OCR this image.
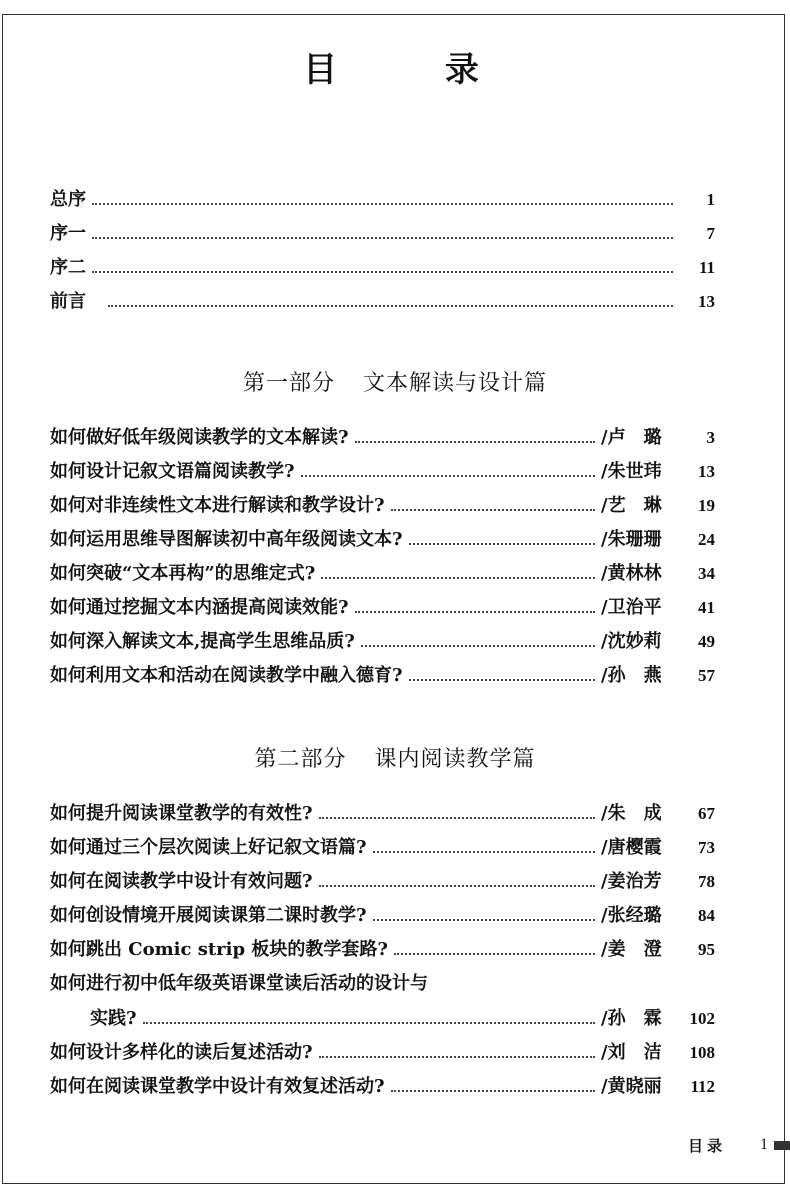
目 录
总序	1
序一	7
序二	11
前言	13
第一部分 文本解读与设计篇
如何做好低年级阅读教学的文本解读?	/卢　璐	3
如何设计记叙文语篇阅读教学?	/朱世玮	13
如何对非连续性文本进行解读和教学设计?	/艺　琳	19
如何运用思维导图解读初中高年级阅读文本?	/朱珊珊	24
如何突破“文本再构”的思维定式?	/黄林林	34
如何通过挖掘文本内涵提高阅读效能?	/卫治平	41
如何深入解读文本,提高学生思维品质?	/沈妙莉	49
如何利用文本和活动在阅读教学中融入德育?	/孙　燕	57
第二部分 课内阅读教学篇
如何提升阅读课堂教学的有效性?	/朱　成	67
如何通过三个层次阅读上好记叙文语篇?	/唐樱霞	73
如何在阅读教学中设计有效问题?	/姜治芳	78
如何创设情境开展阅读课第二课时教学?	/张经璐	84
如何跳出 Comic strip 板块的教学套路?	/姜　澄	95
如何进行初中低年级英语课堂读后活动的设计与
实践?	/孙　霖	102
如何设计多样化的读后复述活动?	/刘　洁	108
如何在阅读课堂教学中设计有效复述活动?	/黄晓丽	112
目录 1
